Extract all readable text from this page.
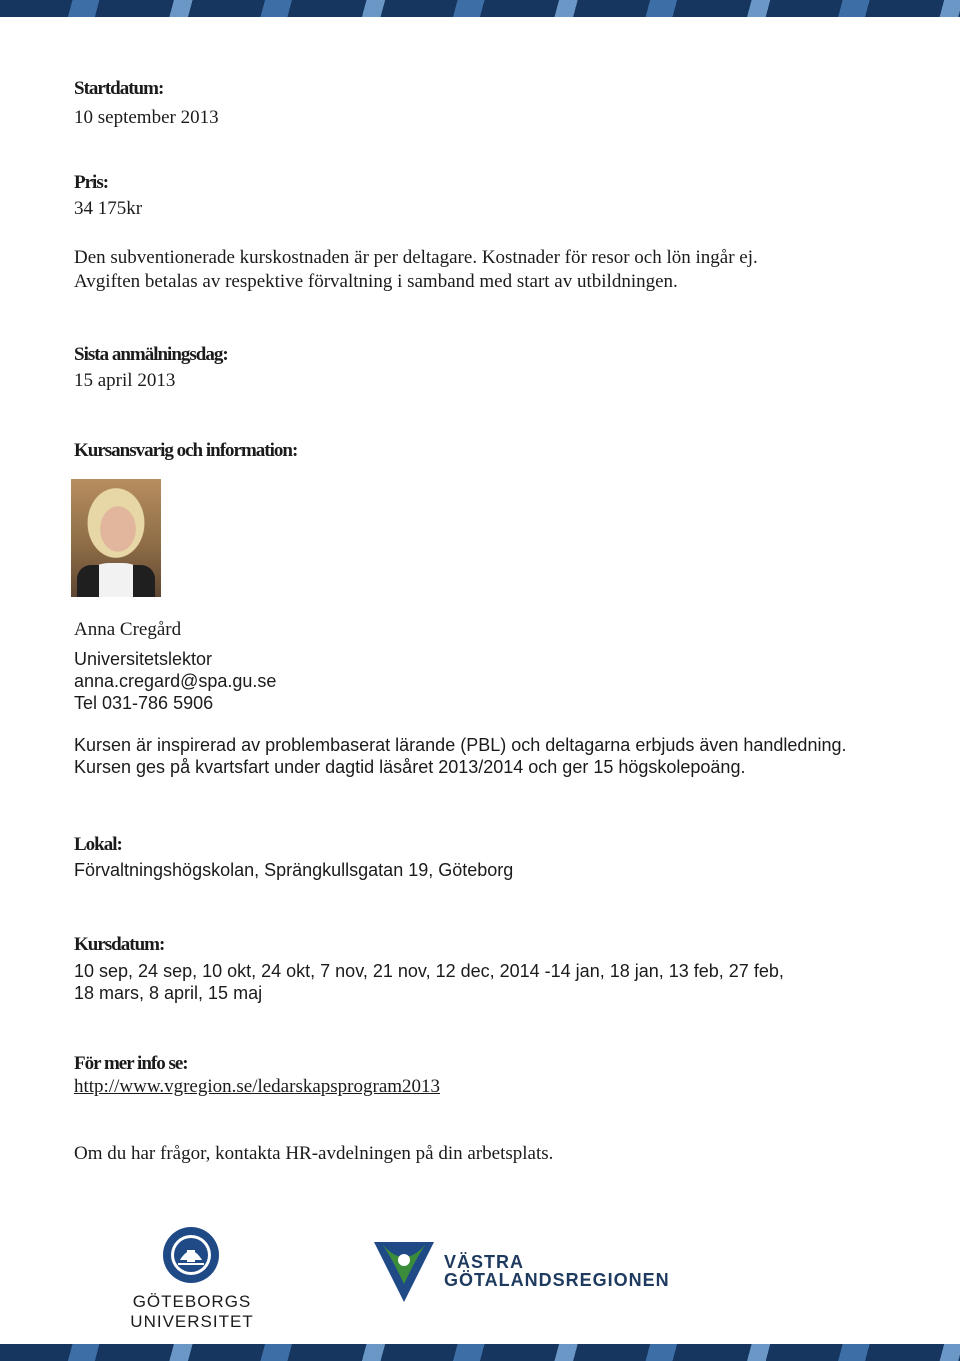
Startdatum:
10 september 2013
Pris:
34 175kr
Den subventionerade kurskostnaden är per deltagare. Kostnader för resor och lön ingår ej.
Avgiften betalas av respektive förvaltning i samband med start av utbildningen.
Sista anmälningsdag:
15 april 2013
Kursansvarig och information:
Anna Cregård
Universitetslektor
anna.cregard@spa.gu.se
Tel 031-786 5906
Kursen är inspirerad av problembaserat lärande (PBL) och deltagarna erbjuds även handledning.
Kursen ges på kvartsfart under dagtid läsåret 2013/2014 och ger 15 högskolepoäng.
Lokal:
Förvaltningshögskolan, Sprängkullsgatan 19, Göteborg
Kursdatum:
10 sep, 24 sep, 10 okt, 24 okt, 7 nov, 21 nov, 12 dec, 2014 -14 jan, 18 jan, 13 feb, 27 feb,
18 mars, 8 april, 15 maj
För mer info se:
http://www.vgregion.se/ledarskapsprogram2013
Om du har frågor, kontakta HR-avdelningen på din arbetsplats.
GÖTEBORGS UNIVERSITET
VÄSTRA
GÖTALANDSREGIONEN
